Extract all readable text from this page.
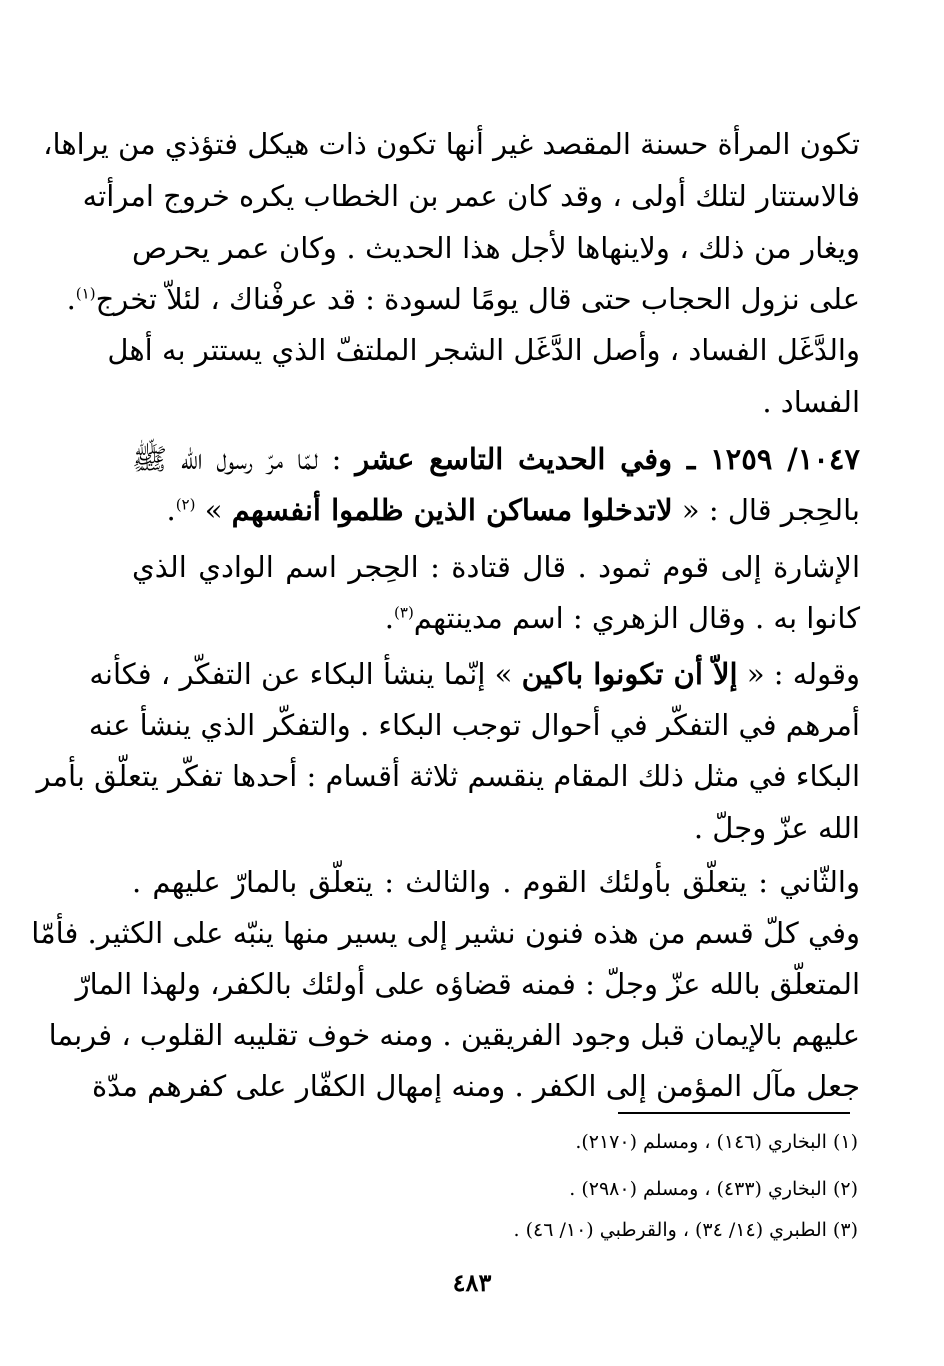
تكون المرأة حسنة المقصد غير أنها تكون ذات هيكل فتؤذي من يراها،
فالاستتار لتلك أولى ، وقد كان عمر بن الخطاب يكره خروج امرأته
ويغار من ذلك ، ولاينهاها لأجل هذا الحديث . وكان عمر يحرص
على نزول الحجاب حتى قال يومًا لسودة : قد عرفْناك ، لئلاّ تخرج$^{(١)}$.
والدَّغَل الفساد ، وأصل الدَّغَل الشجر الملتفّ الذي يستتر به أهل
الفساد .
١٠٤٧/ ١٢٥٩ ـ وفي الحديث التاسع عشر : لمّا مرّ رسول الله ﷺ
بالحِجر قال : « لاتدخلوا مساكن الذين ظلموا أنفسهم » $^{(٢)}$.
الإشارة إلى قوم ثمود . قال قتادة : الحِجر اسم الوادي الذي
كانوا به . وقال الزهري : اسم مدينتهم$^{(٣)}$.
وقوله : « إلاّ أن تكونوا باكين » إنّما ينشأ البكاء عن التفكّر ، فكأنه
أمرهم في التفكّر في أحوال توجب البكاء . والتفكّر الذي ينشأ عنه
البكاء في مثل ذلك المقام ينقسم ثلاثة أقسام : أحدها تفكّر يتعلّق بأمر
الله عزّ وجلّ .
والثّاني : يتعلّق بأولئك القوم . والثالث : يتعلّق بالمارّ عليهم .
وفي كلّ قسم من هذه فنون نشير إلى يسير منها ينبّه على الكثير. فأمّا
المتعلّق بالله عزّ وجلّ : فمنه قضاؤه على أولئك بالكفر، ولهذا المارّ
عليهم بالإيمان قبل وجود الفريقين . ومنه خوف تقليبه القلوب ، فربما
جعل مآل المؤمن إلى الكفر . ومنه إمهال الكفّار على كفرهم مدّة
(١) البخاري (١٤٦) ، ومسلم (٢١٧٠).
(٢) البخاري (٤٣٣) ، ومسلم (٢٩٨٠) .
(٣) الطبري (١٤/ ٣٤) ، والقرطبي (١٠/ ٤٦) .
٤٨٣
